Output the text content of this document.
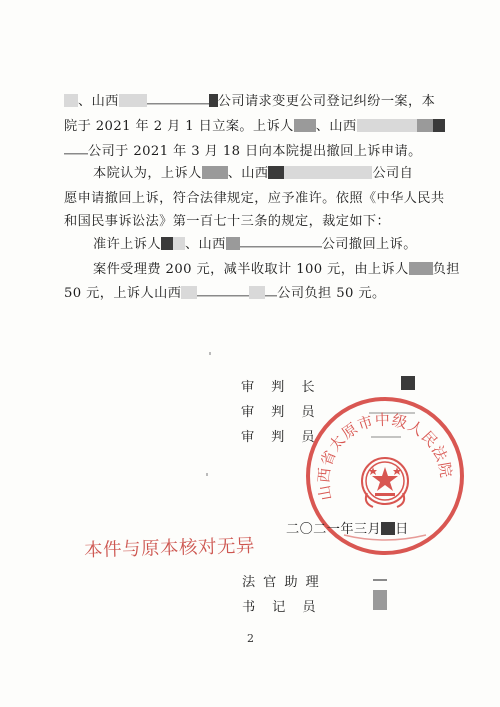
、山西	公司请求变更公司登记纠纷一案，本
院于 2021 年 2 月 1 日立案。上诉人 、山西
公司于 2021 年 3 月 18 日向本院提出撤回上诉申请。
本院认为，上诉人 、山西	公司自
愿申请撤回上诉，符合法律规定，应予准许。依照《中华人民共
和国民事诉讼法》第一百七十三条的规定，裁定如下：
准许上诉人 、山西	公司撤回上诉。
案件受理费 200 元，减半收取计 100 元，由上诉人 负担
50 元，上诉人山西	公司负担 50 元。
审判长
审判员
审判员
山西省太原市中级人民法院
二〇二一年三月 日
本件与原本核对无异
法官助理
书记员
2
